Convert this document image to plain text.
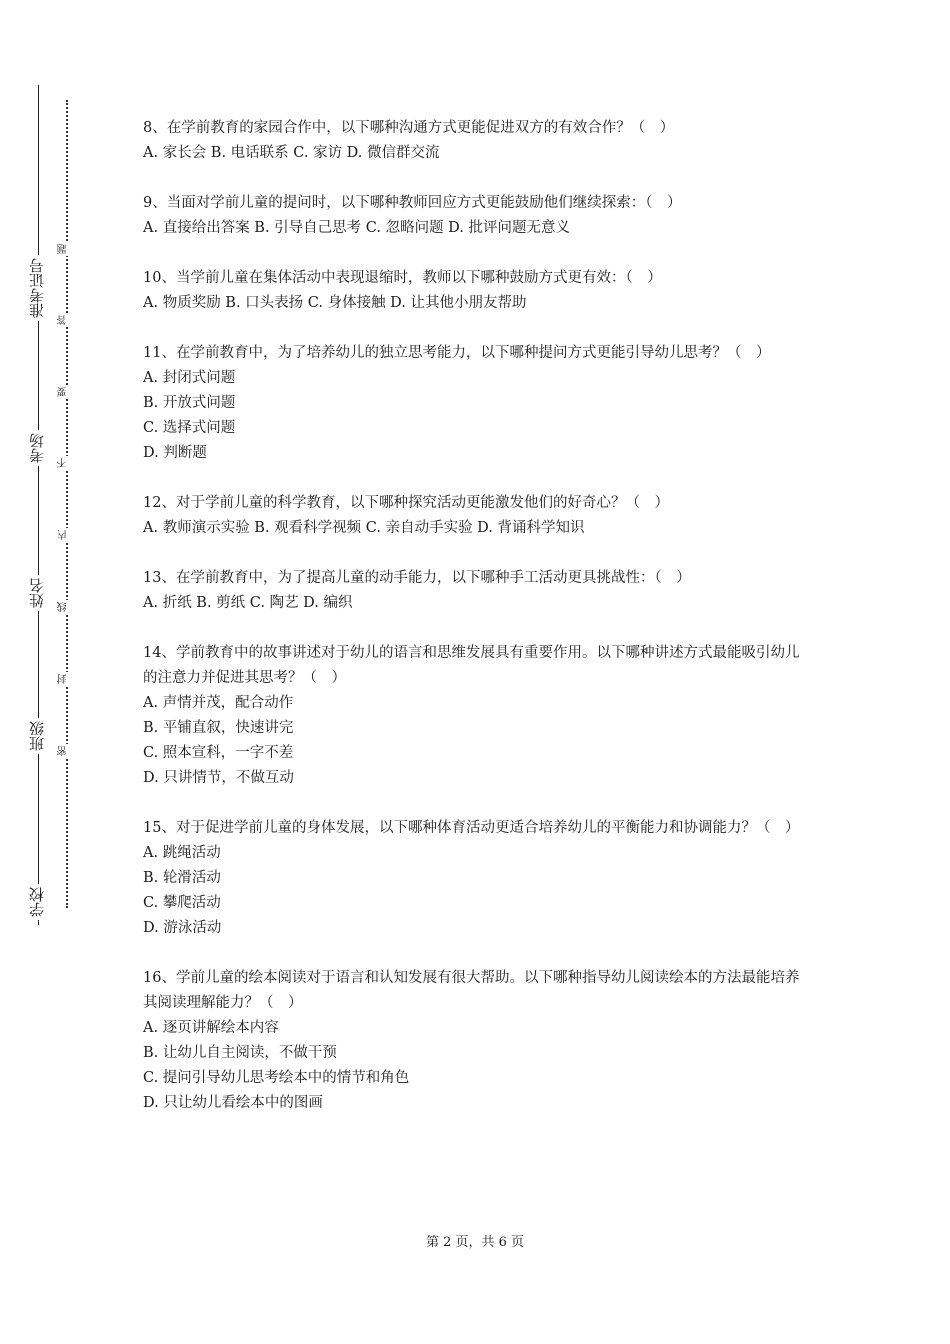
准考证号
考场
姓名
班级
学校
题
答
要
不
内
线
封
密
8、在学前教育的家园合作中，以下哪种沟通方式更能促进双方的有效合作？（　）
A. 家长会 B. 电话联系 C. 家访 D. 微信群交流
9、当面对学前儿童的提问时，以下哪种教师回应方式更能鼓励他们继续探索：（　）
A. 直接给出答案 B. 引导自己思考 C. 忽略问题 D. 批评问题无意义
10、当学前儿童在集体活动中表现退缩时，教师以下哪种鼓励方式更有效：（　）
A. 物质奖励 B. 口头表扬 C. 身体接触 D. 让其他小朋友帮助
11、在学前教育中，为了培养幼儿的独立思考能力，以下哪种提问方式更能引导幼儿思考？（　）
A. 封闭式问题
B. 开放式问题
C. 选择式问题
D. 判断题
12、对于学前儿童的科学教育，以下哪种探究活动更能激发他们的好奇心？（　）
A. 教师演示实验 B. 观看科学视频 C. 亲自动手实验 D. 背诵科学知识
13、在学前教育中，为了提高儿童的动手能力，以下哪种手工活动更具挑战性：（　）
A. 折纸 B. 剪纸 C. 陶艺 D. 编织
14、学前教育中的故事讲述对于幼儿的语言和思维发展具有重要作用。以下哪种讲述方式最能吸引幼儿的注意力并促进其思考？（　）
A. 声情并茂，配合动作
B. 平铺直叙，快速讲完
C. 照本宣科，一字不差
D. 只讲情节，不做互动
15、对于促进学前儿童的身体发展，以下哪种体育活动更适合培养幼儿的平衡能力和协调能力？（　）
A. 跳绳活动
B. 轮滑活动
C. 攀爬活动
D. 游泳活动
16、学前儿童的绘本阅读对于语言和认知发展有很大帮助。以下哪种指导幼儿阅读绘本的方法最能培养其阅读理解能力？（　）
A. 逐页讲解绘本内容
B. 让幼儿自主阅读，不做干预
C. 提问引导幼儿思考绘本中的情节和角色
D. 只让幼儿看绘本中的图画
第 2 页，共 6 页
